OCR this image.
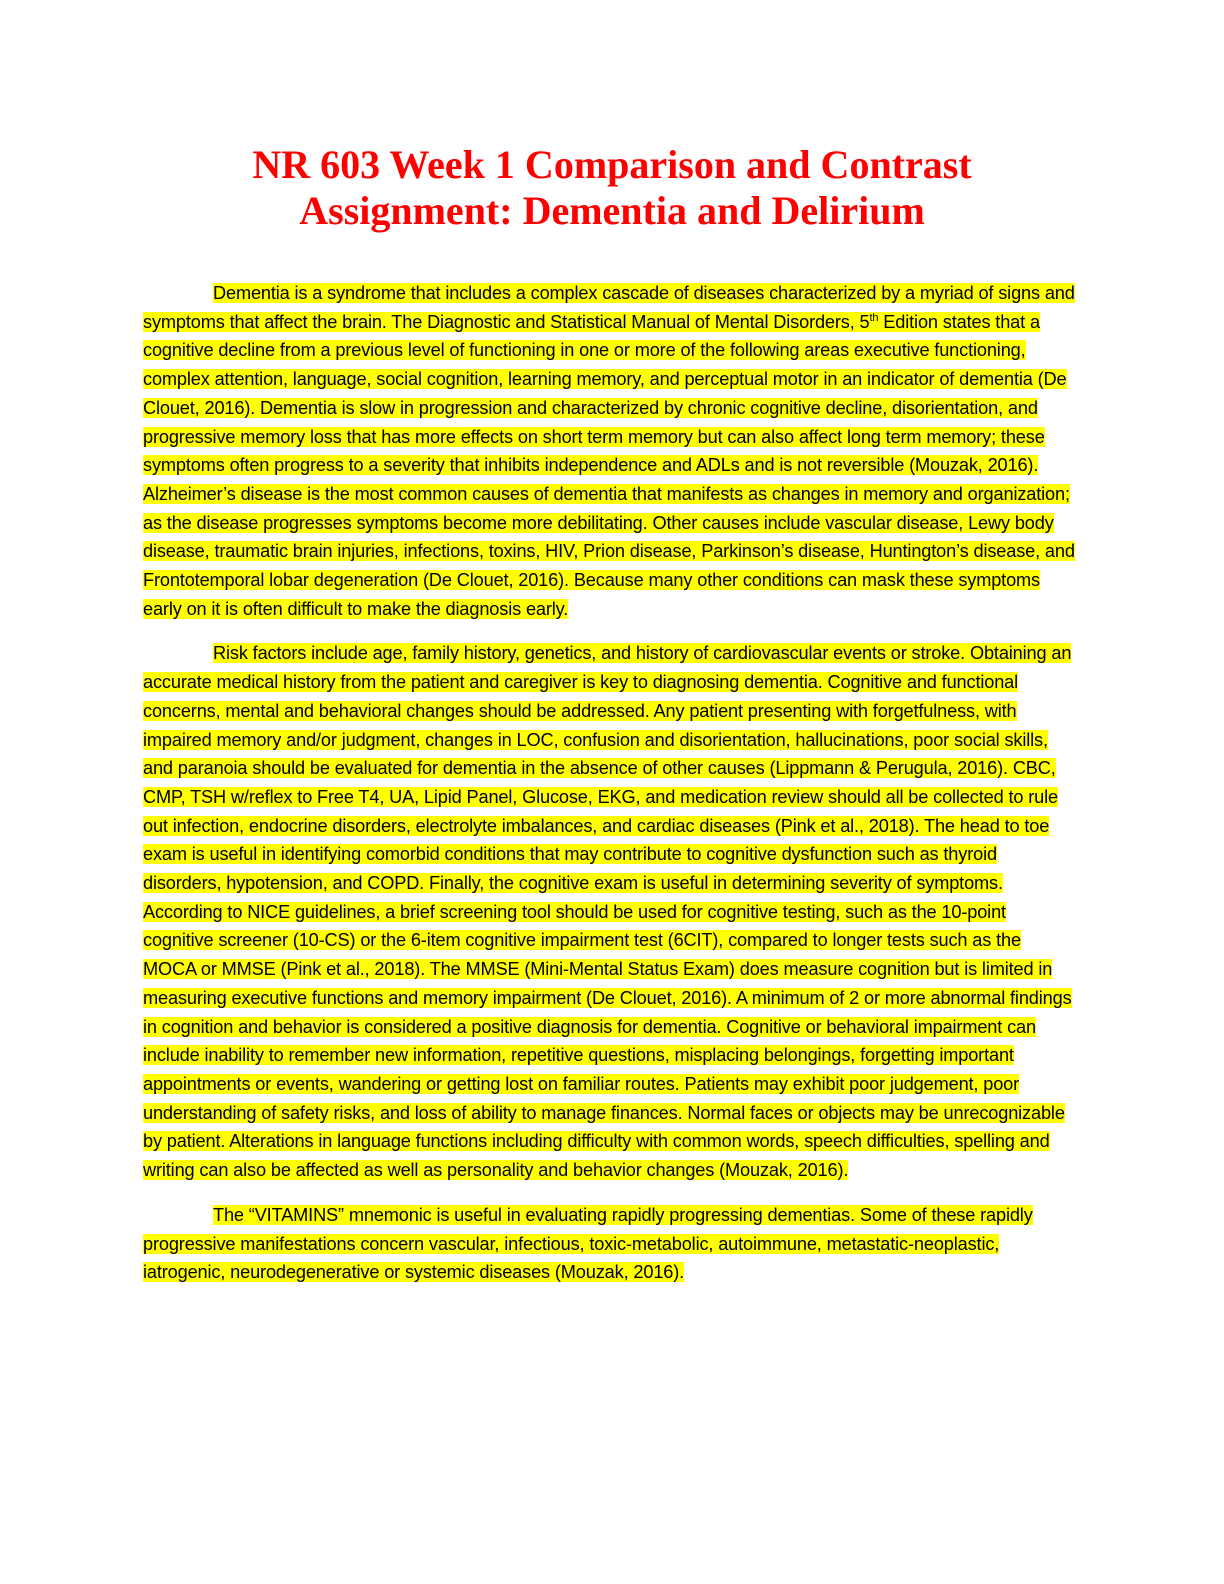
NR 603 Week 1 Comparison and Contrast
Assignment: Dementia and Delirium

Dementia is a syndrome that includes a complex cascade of diseases characterized by a myriad of signs and symptoms that affect the brain. The Diagnostic and Statistical Manual of Mental Disorders, 5th Edition states that a cognitive decline from a previous level of functioning in one or more of the following areas executive functioning, complex attention, language, social cognition, learning memory, and perceptual motor in an indicator of dementia (De Clouet, 2016). Dementia is slow in progression and characterized by chronic cognitive decline, disorientation, and progressive memory loss that has more effects on short term memory but can also affect long term memory; these symptoms often progress to a severity that inhibits independence and ADLs and is not reversible (Mouzak, 2016). Alzheimer’s disease is the most common causes of dementia that manifests as changes in memory and organization; as the disease progresses symptoms become more debilitating. Other causes include vascular disease, Lewy body disease, traumatic brain injuries, infections, toxins, HIV, Prion disease, Parkinson’s disease, Huntington’s disease, and Frontotemporal lobar degeneration (De Clouet, 2016). Because many other conditions can mask these symptoms early on it is often difficult to make the diagnosis early.

Risk factors include age, family history, genetics, and history of cardiovascular events or stroke. Obtaining an accurate medical history from the patient and caregiver is key to diagnosing dementia. Cognitive and functional concerns, mental and behavioral changes should be addressed. Any patient presenting with forgetfulness, with impaired memory and/or judgment, changes in LOC, confusion and disorientation, hallucinations, poor social skills, and paranoia should be evaluated for dementia in the absence of other causes (Lippmann & Perugula, 2016). CBC, CMP, TSH w/reflex to Free T4, UA, Lipid Panel, Glucose, EKG, and medication review should all be collected to rule out infection, endocrine disorders, electrolyte imbalances, and cardiac diseases (Pink et al., 2018). The head to toe exam is useful in identifying comorbid conditions that may contribute to cognitive dysfunction such as thyroid disorders, hypotension, and COPD. Finally, the cognitive exam is useful in determining severity of symptoms. According to NICE guidelines, a brief screening tool should be used for cognitive testing, such as the 10-point cognitive screener (10-CS) or the 6-item cognitive impairment test (6CIT), compared to longer tests such as the MOCA or MMSE (Pink et al., 2018). The MMSE (Mini-Mental Status Exam) does measure cognition but is limited in measuring executive functions and memory impairment (De Clouet, 2016). A minimum of 2 or more abnormal findings in cognition and behavior is considered a positive diagnosis for dementia. Cognitive or behavioral impairment can include inability to remember new information, repetitive questions, misplacing belongings, forgetting important appointments or events, wandering or getting lost on familiar routes. Patients may exhibit poor judgement, poor understanding of safety risks, and loss of ability to manage finances. Normal faces or objects may be unrecognizable by patient. Alterations in language functions including difficulty with common words, speech difficulties, spelling and writing can also be affected as well as personality and behavior changes (Mouzak, 2016).

The “VITAMINS” mnemonic is useful in evaluating rapidly progressing dementias. Some of these rapidly progressive manifestations concern vascular, infectious, toxic-metabolic, autoimmune, metastatic-neoplastic, iatrogenic, neurodegenerative or systemic diseases (Mouzak, 2016).
